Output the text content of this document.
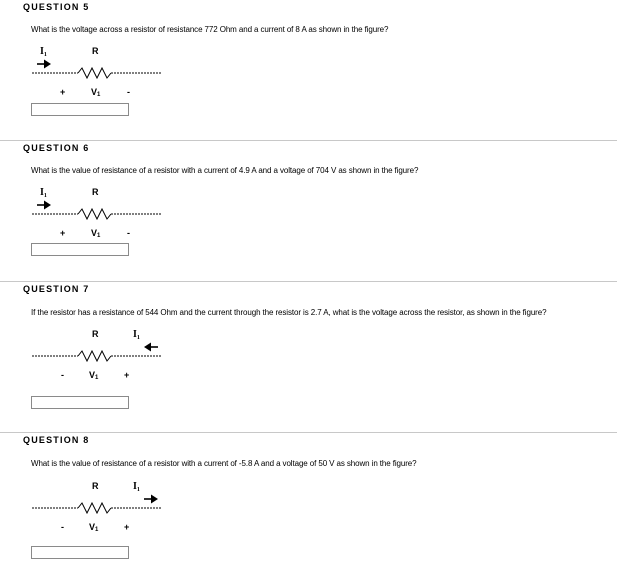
QUESTION 5
What is the voltage across a resistor of resistance 772 Ohm and a current of 8 A as shown in the figure?
$I_1$	R
+	V1	-
QUESTION 6
What is the value of resistance of a resistor with a current of 4.9 A and a voltage of 704 V as shown in the figure?
$I_1$	R
+	V1	-
QUESTION 7
If the resistor has a resistance of 544 Ohm and the current through the resistor is 2.7 A, what is the voltage across the resistor, as shown in the figure?
R	$I_1$
-	V1	+
QUESTION 8
What is the value of resistance of a resistor with a current of -5.8 A and a voltage of 50 V as shown in the figure?
R	$I_1$
-	V1	+
